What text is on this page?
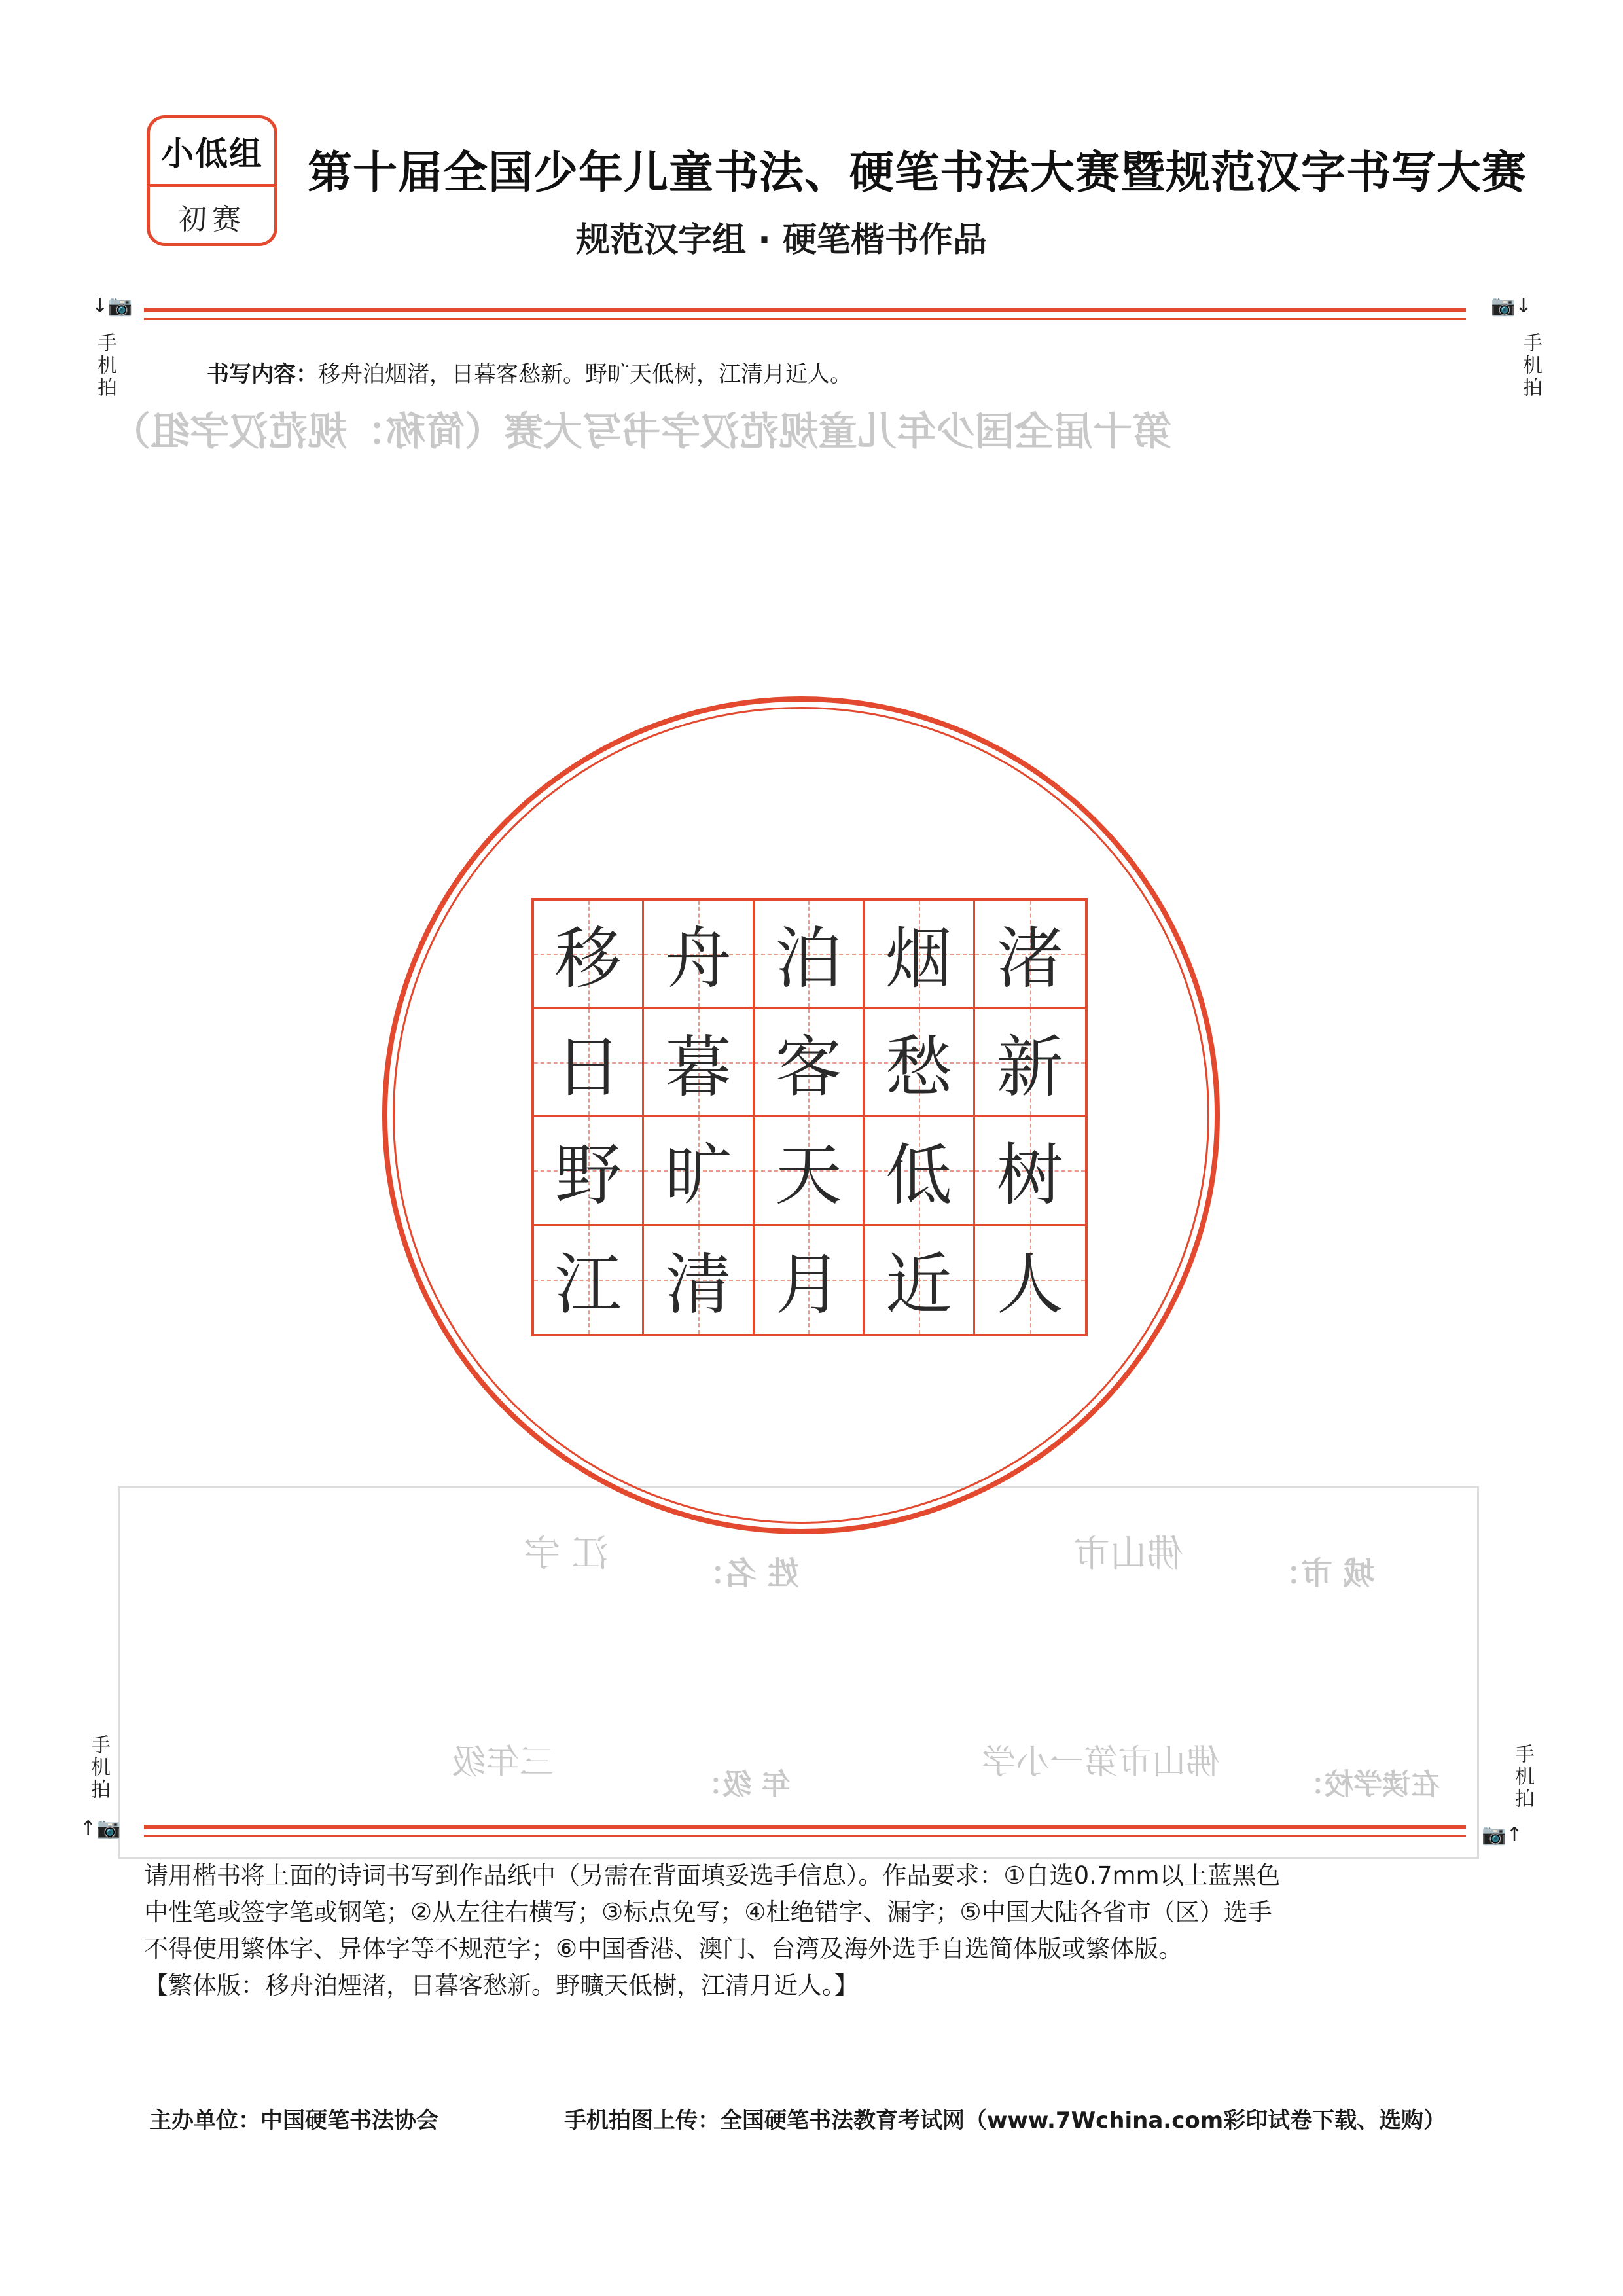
小低组
初赛
第十届全国少年儿童书法、硬笔书法大赛暨规范汉字书写大赛
规范汉字组 · 硬笔楷书作品
↓📷
手机拍
📷↓
手机拍
书写内容：移舟泊烟渚，日暮客愁新。野旷天低树，江清月近人。
第十届全国少年儿童规范汉字书写大赛（简称：规范汉字组）
城 市：
佛山市
姓 名：
江 宇
在读学校：
佛山市第一小学
年 级：
三年级
移 舟 泊 烟 渚
日 暮 客 愁 新
野 旷 天 低 树
江 清 月 近 人
手机拍
↑📷
手机拍
📷↑

请用楷书将上面的诗词书写到作品纸中（另需在背面填妥选手信息）。作品要求：①自选0.7mm以上蓝黑色

中性笔或签字笔或钢笔；②从左往右横写；③标点免写；④杜绝错字、漏字；⑤中国大陆各省市（区）选手

不得使用繁体字、异体字等不规范字；⑥中国香港、澳门、台湾及海外选手自选简体版或繁体版。

【繁体版：移舟泊煙渚，日暮客愁新。野曠天低樹，江清月近人。】

主办单位：中国硬笔书法协会	手机拍图上传：全国硬笔书法教育考试网（www.7Wchina.com彩印试卷下载、选购）
